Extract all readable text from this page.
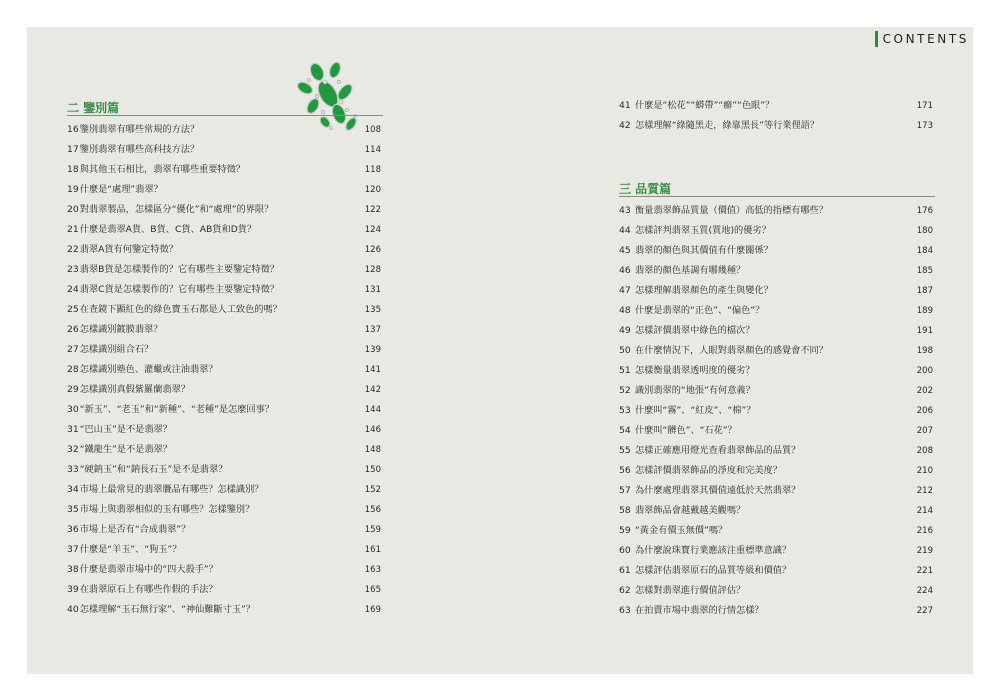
CONTENTS
二 鑒別篇
16鑒別翡翠有哪些常規的方法？	108
17鑒別翡翠有哪些高科技方法？	114
18與其他玉石相比，翡翠有哪些重要特徵？	118
19什麼是“處理”翡翠？	120
20對翡翠製品，怎樣區分“優化”和“處理”的界限？	122
21什麼是翡翠A貨、B貨、C貨、AB貨和D貨？	124
22翡翠A貨有何鑒定特徵？	126
23翡翠B貨是怎樣製作的？它有哪些主要鑒定特徵？	128
24翡翠C貨是怎樣製作的？它有哪些主要鑒定特徵？	131
25在查鏡下顯紅色的綠色寶玉石都是人工致色的嗎？	135
26怎樣識別鍍膜翡翠？	137
27怎樣識別組合石？	139
28怎樣識別塾色、灌蠟或注油翡翠？	141
29怎樣識別真假紫羅蘭翡翠？	142
30“新玉”、“老玉”和“新種”、“老種”是怎麼回事？	144
31“巴山玉”是不是翡翠？	146
32“鐵龍生”是不是翡翠？	148
33“硬鈉玉”和“鈉長石玉”是不是翡翠？	150
34市場上最常見的翡翠贗品有哪些？怎樣識別？	152
35市場上與翡翠相似的玉有哪些？怎樣鑒別？	156
36市場上是否有“合成翡翠”？	159
37什麼是“羊玉”、“狗玉”？	161
38什麼是翡翠市場中的“四大殺手”？	163
39在翡翠原石上有哪些作假的手法？	165
40怎樣理解“玉石無行家”、“神仙難斷寸玉”？	169
41 什麼是“松花”“蟒帶”“癬”“色眼”？	171
42 怎樣理解“綠隨黑走，綠靠黑長”等行業俚語？	173
三 品質篇
43 衡量翡翠飾品質量（價值）高低的指標有哪些？	176
44 怎樣評判翡翠玉質(質地)的優劣？	180
45 翡翠的顏色與其價值有什麼關係？	184
46 翡翠的顏色基調有哪幾種？	185
47 怎樣理解翡翠顏色的產生與變化？	187
48 什麼是翡翠的“正色”、“偏色”？	189
49 怎樣評價翡翠中綠色的檔次？	191
50 在什麼情況下，人眼對翡翠顏色的感覺會不同？	198
51 怎樣衡量翡翠透明度的優劣？	200
52 識別翡翠的“地張”有何意義？	202
53 什麼叫“霧”、“紅皮”、“棉”？	206
54 什麼叫“髒色”、“石花”？	207
55 怎樣正確應用燈光查看翡翠飾品的品質？	208
56 怎樣評價翡翠飾品的淨度和完美度？	210
57 為什麼處理翡翠其價值遠低於天然翡翠？	212
58 翡翠飾品會越戴越美觀嗎？	214
59 “黃金有價玉無價”嗎？	216
60 為什麼說珠寶行業應該注重標準意識？	219
61 怎樣評估翡翠原石的品質等級和價值？	221
62 怎樣對翡翠進行價值評估？	224
63 在拍賣市場中翡翠的行情怎樣？	227
